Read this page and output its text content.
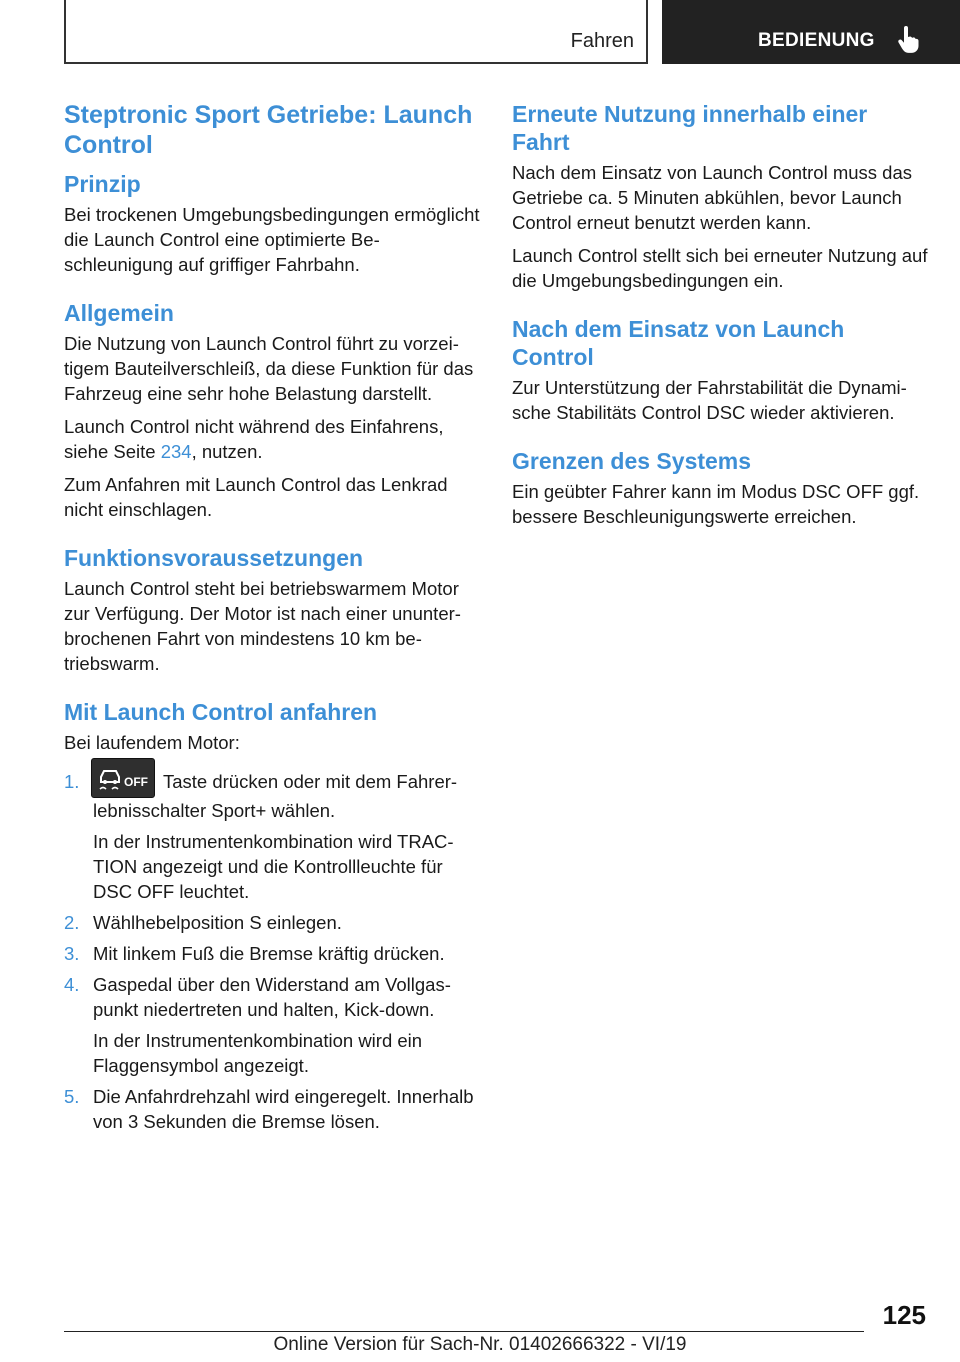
Fahren	BEDIENUNG
Steptronic Sport Getriebe: Launch Control
Prinzip

Bei trockenen Umgebungsbedingungen ermöglicht die Launch Control eine optimierte Beschleunigung auf griffiger Fahrbahn.

Allgemein

Die Nutzung von Launch Control führt zu vorzeitigem Bauteilverschleiß, da diese Funktion für das Fahrzeug eine sehr hohe Belastung darstellt.

Launch Control nicht während des Einfahrens, siehe Seite 234, nutzen.

Zum Anfahren mit Launch Control das Lenkrad nicht einschlagen.

Funktionsvoraussetzungen

Launch Control steht bei betriebswarmem Motor zur Verfügung. Der Motor ist nach einer ununterbrochenen Fahrt von mindestens 10 km betriebswarm.

Mit Launch Control anfahren

Bei laufendem Motor:

1.	OFF Taste drücken oder mit dem Fahrerlebnisschalter Sport+ wählen.

In der Instrumentenkombination wird TRACTION angezeigt und die Kontrollleuchte für DSC OFF leuchtet.

2. Wählhebelposition S einlegen.

3. Mit linkem Fuß die Bremse kräftig drücken.

4. Gaspedal über den Widerstand am Vollgaspunkt niedertreten und halten, Kick-down.

In der Instrumentenkombination wird ein Flaggensymbol angezeigt.

5. Die Anfahrdrehzahl wird eingeregelt. Innerhalb von 3 Sekunden die Bremse lösen.

Erneute Nutzung innerhalb einer Fahrt

Nach dem Einsatz von Launch Control muss das Getriebe ca. 5 Minuten abkühlen, bevor Launch Control erneut benutzt werden kann.

Launch Control stellt sich bei erneuter Nutzung auf die Umgebungsbedingungen ein.

Nach dem Einsatz von Launch Control

Zur Unterstützung der Fahrstabilität die Dynamische Stabilitäts Control DSC wieder aktivieren.

Grenzen des Systems

Ein geübter Fahrer kann im Modus DSC OFF ggf. bessere Beschleunigungswerte erreichen.

125
Online Version für Sach-Nr. 01402666322 - VI/19
